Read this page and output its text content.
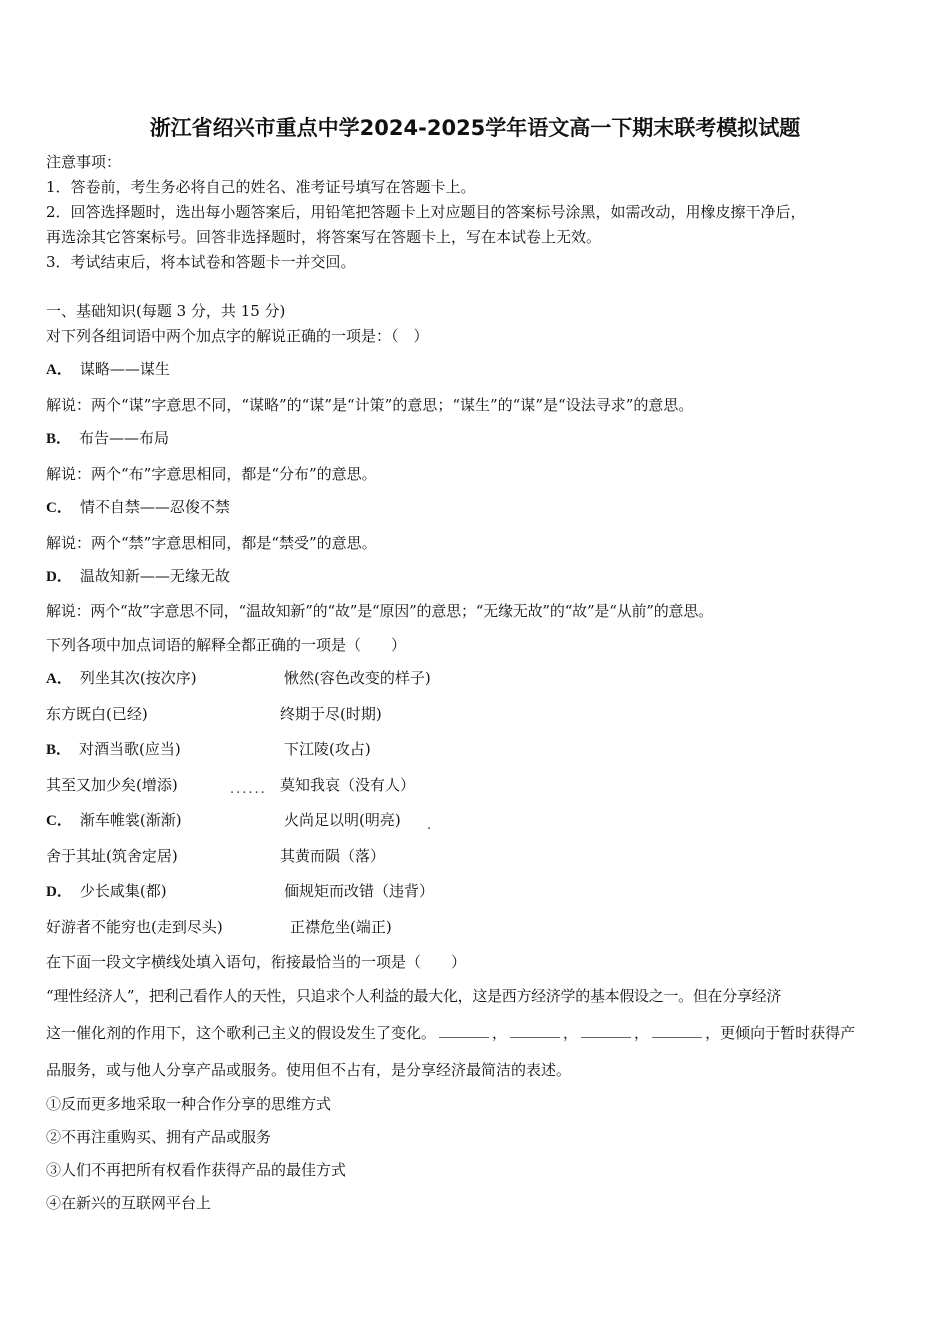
浙江省绍兴市重点中学2024-2025学年语文高一下期末联考模拟试题
注意事项：
1．答卷前，考生务必将自己的姓名、准考证号填写在答题卡上。
2．回答选择题时，选出每小题答案后，用铅笔把答题卡上对应题目的答案标号涂黑，如需改动，用橡皮擦干净后，
再选涂其它答案标号。回答非选择题时，将答案写在答题卡上，写在本试卷上无效。
3．考试结束后，将本试卷和答题卡一并交回。
一、基础知识(每题 3 分，共 15 分)
对下列各组词语中两个加点字的解说正确的一项是：（　）
A． 谋略——谋生
解说：两个“谋”字意思不同，“谋略”的“谋”是“计策”的意思；“谋生”的“谋”是“设法寻求”的意思。
B． 布告——布局
解说：两个“布”字意思相同，都是“分布”的意思。
C． 情不自禁——忍俊不禁
解说：两个“禁”字意思相同，都是“禁受”的意思。
D． 温故知新——无缘无故
解说：两个“故”字意思不同，“温故知新”的“故”是“原因”的意思；“无缘无故”的“故”是“从前”的意思。
下列各项中加点词语的解释全都正确的一项是（　　）
A． 列坐其次(按次序)	愀然(容色改变的样子)
东方既白(已经)	终期于尽(时期)
B． 对酒当歌(应当)	下江陵(攻占)
其至又加少矣(增添)	...... 莫知我哀（没有人）
C． 渐车帷裳(渐渐)	火尚足以明(明亮) .
舍于其址(筑舍定居)	其黄而陨（落）
D． 少长咸集(都)	偭规矩而改错（违背）
好游者不能穷也(走到尽头)	正襟危坐(端正)
在下面一段文字横线处填入语句，衔接最恰当的一项是（　　）
“理性经济人”，把利己看作人的天性，只追求个人利益的最大化，这是西方经济学的基本假设之一。但在分享经济
这一催化剂的作用下，这个歌利己主义的假设发生了变化。	，	，	，	，更倾向于暂时获得产
品服务，或与他人分享产品或服务。使用但不占有，是分享经济最简洁的表述。
①反而更多地采取一种合作分享的思维方式
②不再注重购买、拥有产品或服务
③人们不再把所有权看作获得产品的最佳方式
④在新兴的互联网平台上
